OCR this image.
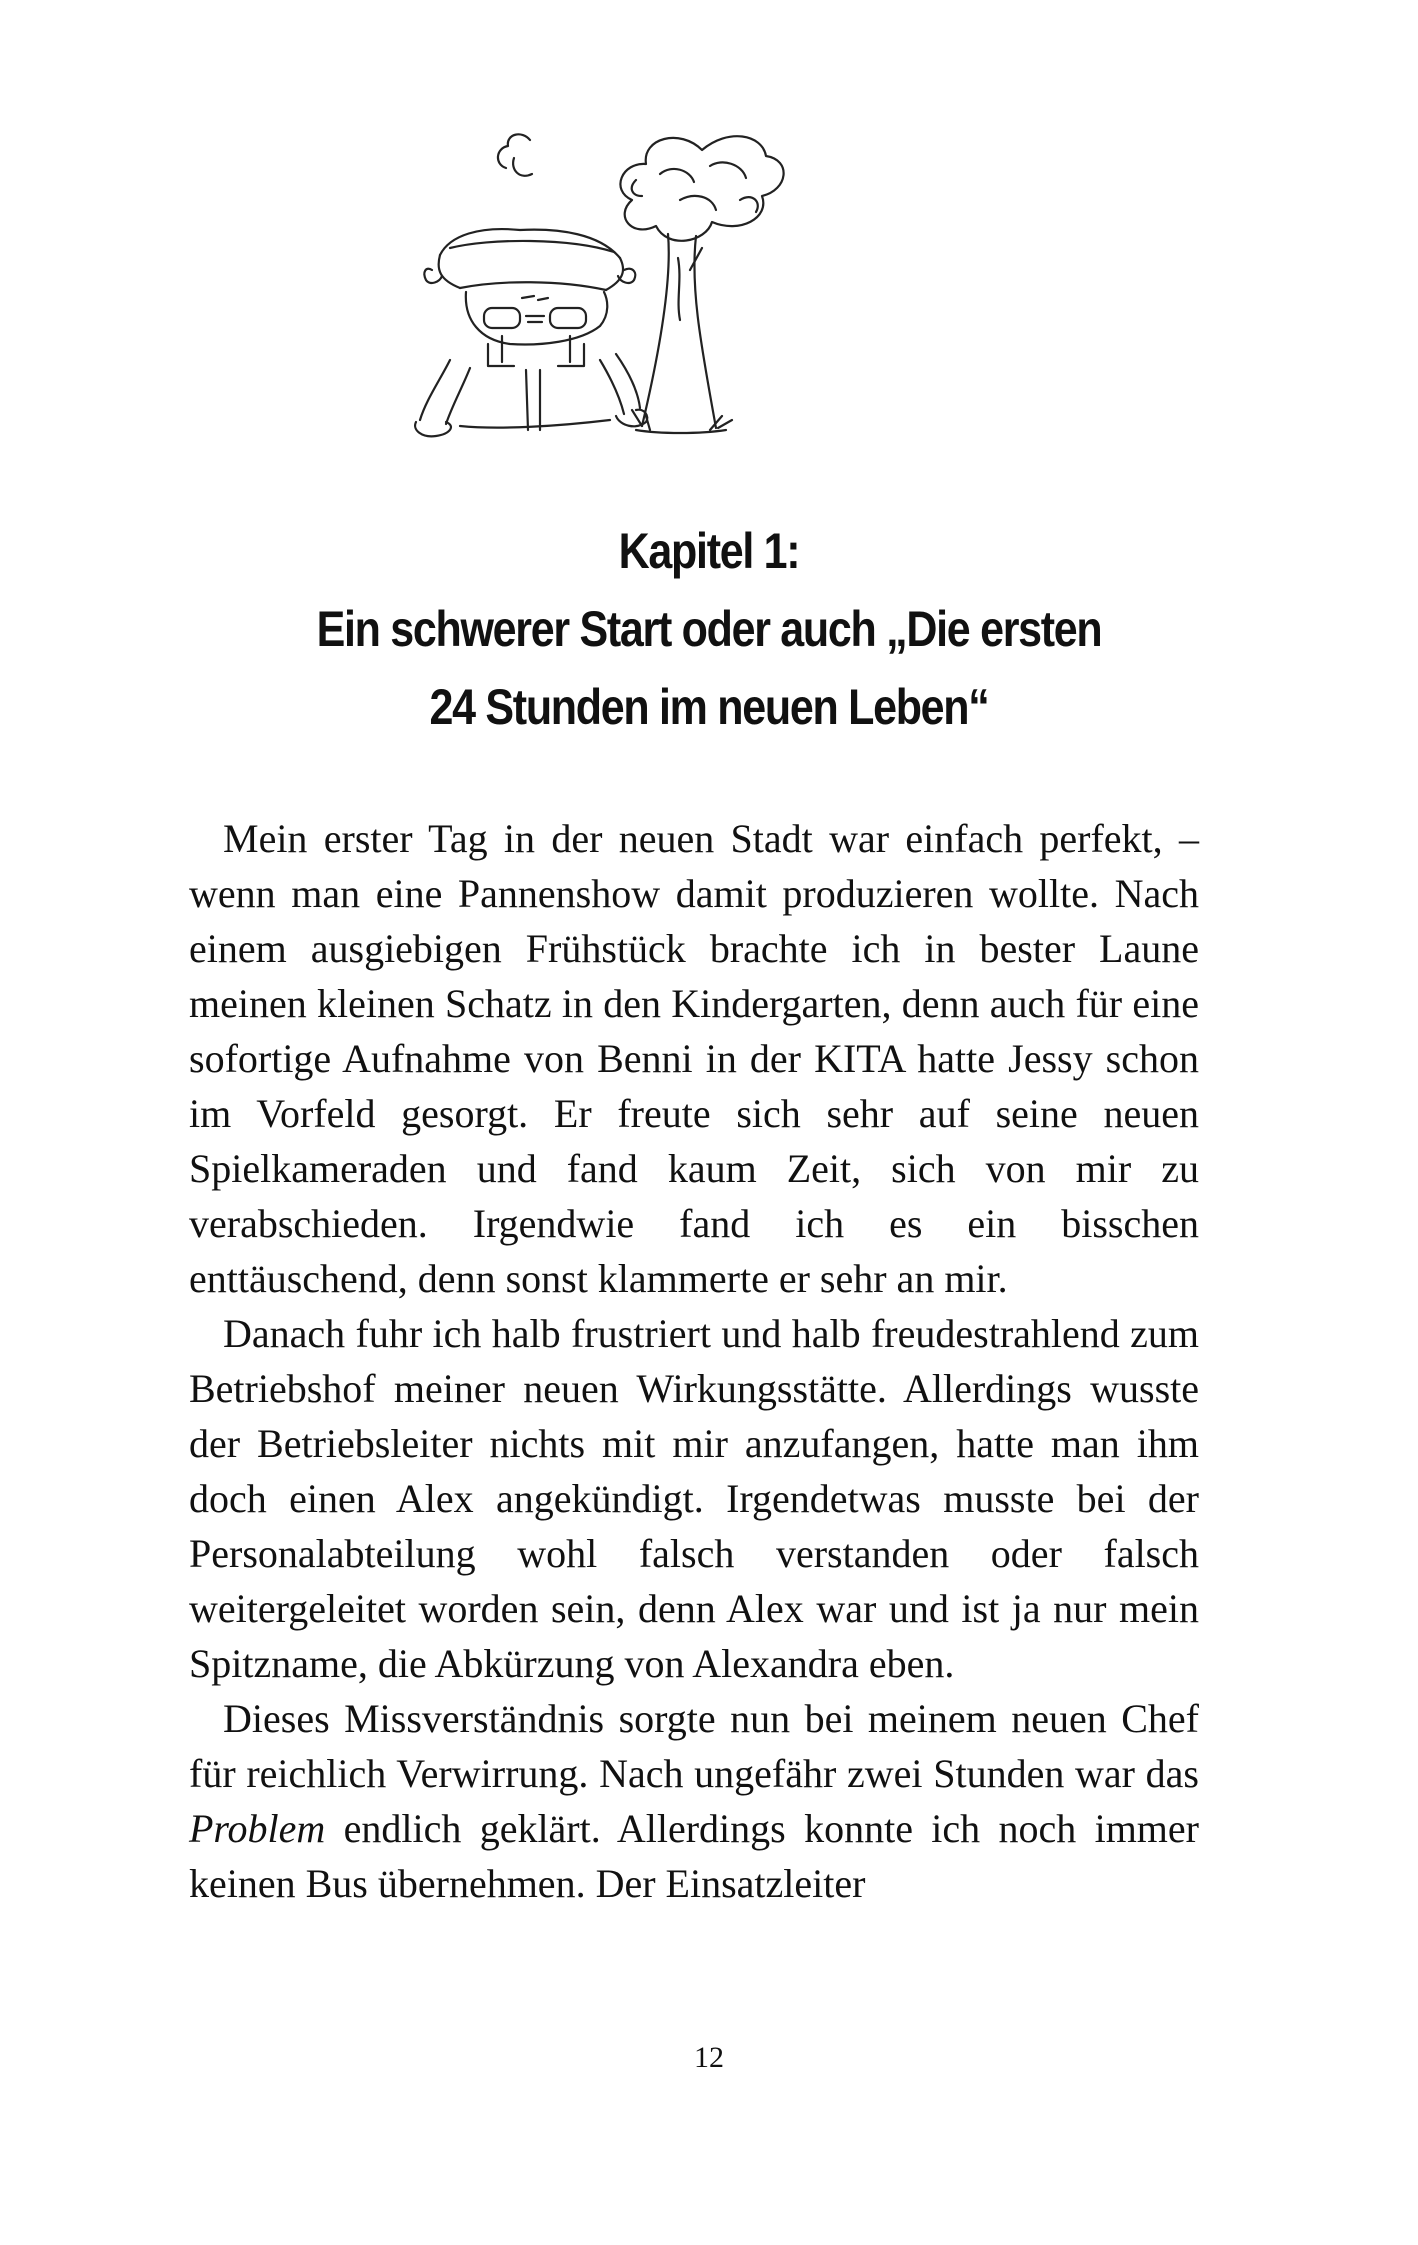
Kapitel 1:
Ein schwerer Start oder auch „Die ersten
24 Stunden im neuen Leben“

Mein erster Tag in der neuen Stadt war einfach perfekt, – wenn man eine Pannenshow damit produzieren wollte. Nach einem ausgiebigen Frühstück brachte ich in bester Laune meinen kleinen Schatz in den Kindergarten, denn auch für eine sofortige Aufnahme von Benni in der KITA hatte Jessy schon im Vorfeld gesorgt. Er freute sich sehr auf seine neuen Spielkameraden und fand kaum Zeit, sich von mir zu verabschieden. Irgendwie fand ich es ein bisschen enttäuschend, denn sonst klammerte er sehr an mir.

Danach fuhr ich halb frustriert und halb freudestrahlend zum Betriebshof meiner neuen Wirkungsstätte. Allerdings wusste der Betriebsleiter nichts mit mir anzufangen, hatte man ihm doch einen Alex angekündigt. Irgendetwas musste bei der Personalabteilung wohl falsch verstanden oder falsch weitergeleitet worden sein, denn Alex war und ist ja nur mein Spitzname, die Abkürzung von Alexandra eben.

Dieses Missverständnis sorgte nun bei meinem neuen Chef für reichlich Verwirrung. Nach ungefähr zwei Stunden war das Problem endlich geklärt. Allerdings konnte ich noch immer keinen Bus übernehmen. Der Einsatzleiter

12
